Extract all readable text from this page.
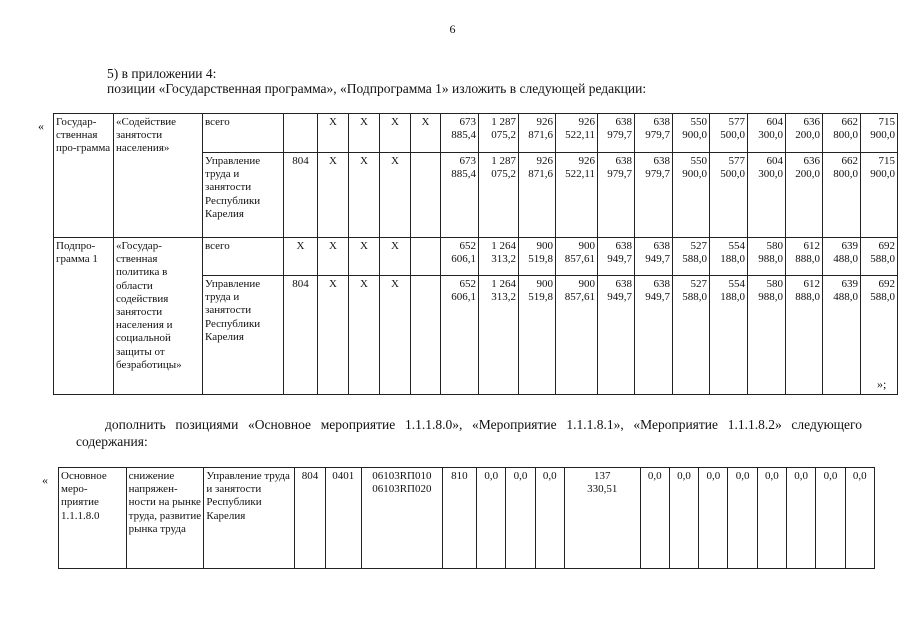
6
5) в приложении 4:
позиции «Государственная программа», «Подпрограмма 1» изложить в следующей редакции:
« Государ-ственная про-грамма	«Содействие занятости населения»	всего		X	X	X	X	673 885,4	1 287 075,2	926 871,6	926 522,11	638 979,7	638 979,7	550 900,0	577 500,0	604 300,0	636 200,0	662 800,0	715 900,0
		Управление труда и занятости Республики Карелия	804	X	X	X		673 885,4	1 287 075,2	926 871,6	926 522,11	638 979,7	638 979,7	550 900,0	577 500,0	604 300,0	636 200,0	662 800,0	715 900,0
Подпро-грамма 1	«Государ-ственная политика в области содействия занятости населения и социальной защиты от безработицы»	всего	X	X	X	X		652 606,1	1 264 313,2	900 519,8	900 857,61	638 949,7	638 949,7	527 588,0	554 188,0	580 988,0	612 888,0	639 488,0	692 588,0
		Управление труда и занятости Республики Карелия	804	X	X	X		652 606,1	1 264 313,2	900 519,8	900 857,61	638 949,7	638 949,7	527 588,0	554 188,0	580 988,0	612 888,0	639 488,0	692 588,0
»;
дополнить позициями «Основное мероприятие 1.1.1.8.0», «Мероприятие 1.1.1.8.1», «Мероприятие 1.1.1.8.2» следующего содержания:
« Основное меро-приятие 1.1.1.8.0	снижение напряжен-ности на рынке труда, развитие рынка труда	Управление труда и занятости Республики Карелия	804	0401	06103RП010
06103RП020
	810	0,0	0,0	0,0	137 330,51	0,0	0,0	0,0	0,0	0,0	0,0	0,0	0,0
